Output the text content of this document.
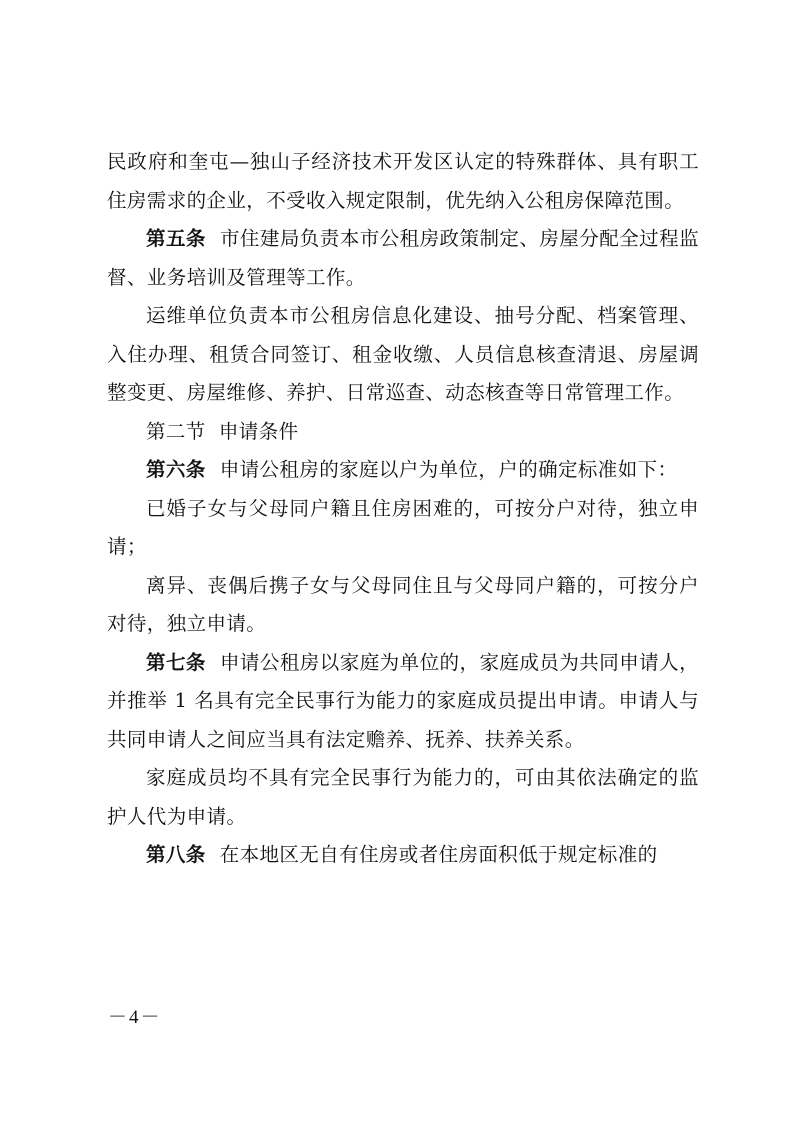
民政府和奎屯—独山子经济技术开发区认定的特殊群体、具有职工住房需求的企业，不受收入规定限制，优先纳入公租房保障范围。

第五条 市住建局负责本市公租房政策制定、房屋分配全过程监督、业务培训及管理等工作。

运维单位负责本市公租房信息化建设、抽号分配、档案管理、入住办理、租赁合同签订、租金收缴、人员信息核查清退、房屋调整变更、房屋维修、养护、日常巡查、动态核查等日常管理工作。

第二节  申请条件

第六条 申请公租房的家庭以户为单位，户的确定标准如下：

已婚子女与父母同户籍且住房困难的，可按分户对待，独立申请；

离异、丧偶后携子女与父母同住且与父母同户籍的，可按分户对待，独立申请。

第七条 申请公租房以家庭为单位的，家庭成员为共同申请人，并推举 1 名具有完全民事行为能力的家庭成员提出申请。申请人与共同申请人之间应当具有法定赡养、抚养、扶养关系。

家庭成员均不具有完全民事行为能力的，可由其依法确定的监护人代为申请。

第八条 在本地区无自有住房或者住房面积低于规定标准的

－4－
